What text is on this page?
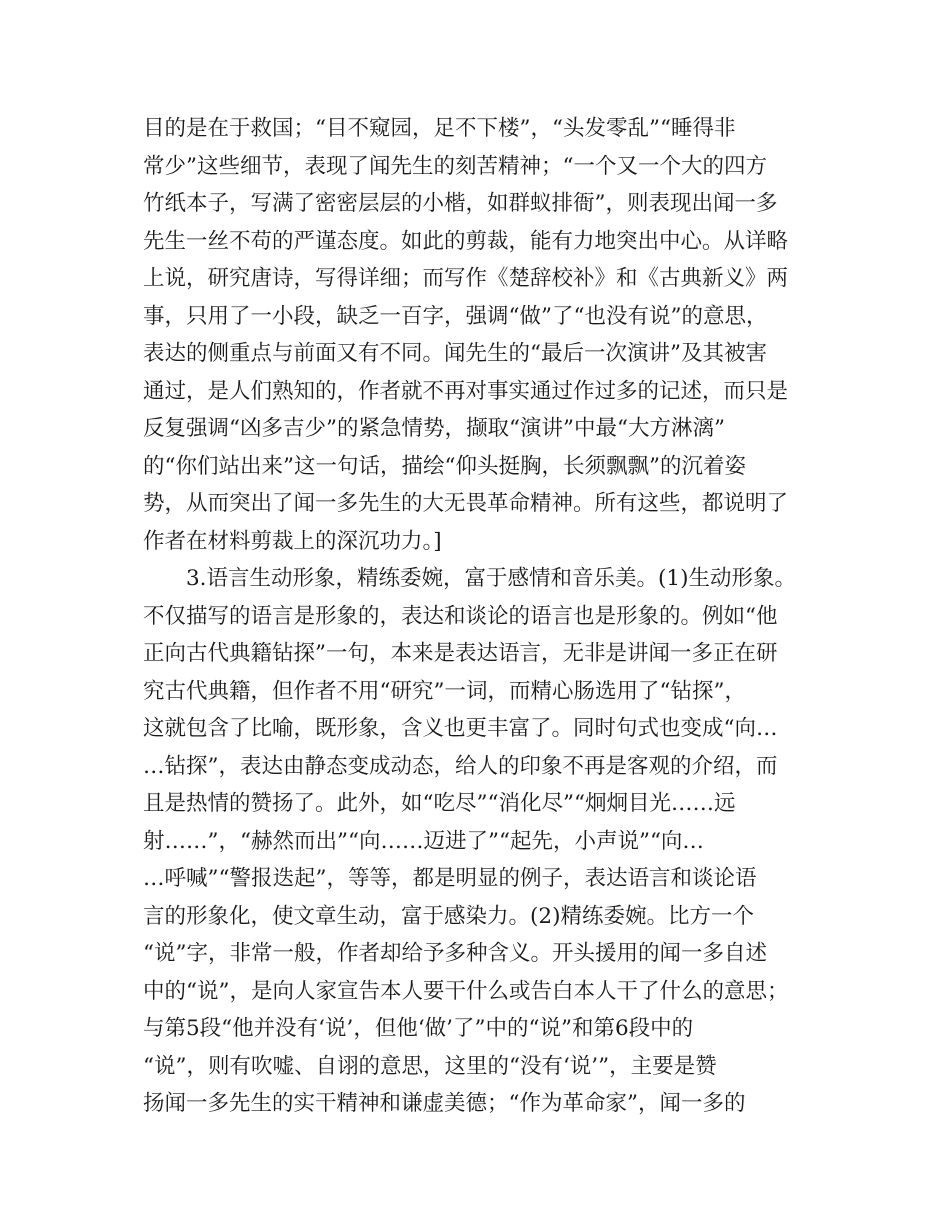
目的是在于救国；“目不窥园，足不下楼”，“头发零乱”“睡得非
常少”这些细节，表现了闻先生的刻苦精神；“一个又一个大的四方
竹纸本子，写满了密密层层的小楷，如群蚁排衙”，则表现出闻一多
先生一丝不苟的严谨态度。如此的剪裁，能有力地突出中心。从详略
上说，研究唐诗，写得详细；而写作《楚辞校补》和《古典新义》两
事，只用了一小段，缺乏一百字，强调“做”了“也没有说”的意思，
表达的侧重点与前面又有不同。闻先生的“最后一次演讲”及其被害
通过，是人们熟知的，作者就不再对事实通过作过多的记述，而只是
反复强调“凶多吉少”的紧急情势，撷取“演讲”中最“大方淋漓”
的“你们站出来”这一句话，描绘“仰头挺胸，长须飘飘”的沉着姿
势，从而突出了闻一多先生的大无畏革命精神。所有这些，都说明了
作者在材料剪裁上的深沉功力。]
3.语言生动形象，精练委婉，富于感情和音乐美。(1)生动形象。
不仅描写的语言是形象的，表达和谈论的语言也是形象的。例如“他
正向古代典籍钻探”一句，本来是表达语言，无非是讲闻一多正在研
究古代典籍，但作者不用“研究”一词，而精心肠选用了“钻探”，
这就包含了比喻，既形象，含义也更丰富了。同时句式也变成“向…
…钻探”，表达由静态变成动态，给人的印象不再是客观的介绍，而
且是热情的赞扬了。此外，如“吃尽”“消化尽”“炯炯目光……远
射……”，“赫然而出”“向……迈进了”“起先，小声说”“向…
…呼喊”“警报迭起”，等等，都是明显的例子，表达语言和谈论语
言的形象化，使文章生动，富于感染力。(2)精练委婉。比方一个
“说”字，非常一般，作者却给予多种含义。开头援用的闻一多自述
中的“说”，是向人家宣告本人要干什么或告白本人干了什么的意思；
与第5段“他并没有‘说’，但他‘做’了”中的“说”和第6段中的
“说”，则有吹嘘、自诩的意思，这里的“没有‘说’”，主要是赞
扬闻一多先生的实干精神和谦虚美德；“作为革命家”，闻一多的
